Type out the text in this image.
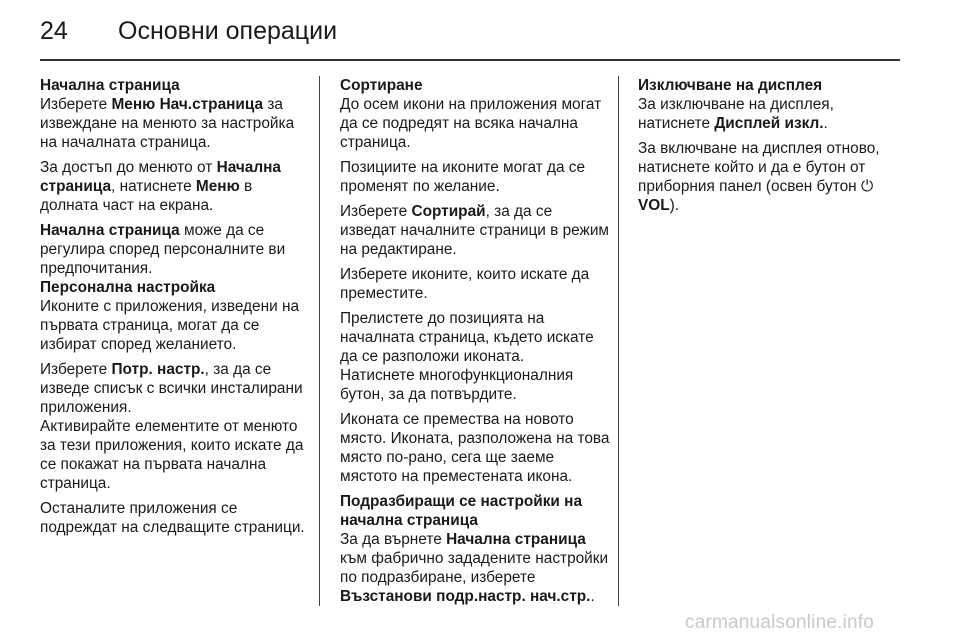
24 Основни операции
Начална страница

Изберете Меню Нач.страница за извеждане на менюто за настройка на началната страница.

За достъп до менюто от Начална страница, натиснете Меню в долната част на екрана.

Начална страница може да се регулира според персоналните ви предпочитания.

Персонална настройка

Иконите с приложения, изведени на първата страница, могат да се избират според желанието.

Изберете Потр. настр., за да се изведе списък с всички инсталирани приложения.

Активирайте елементите от менюто за тези приложения, които искате да се покажат на първата начална страница.

Останалите приложения се подреждат на следващите страници.

Сортиране

До осем икони на приложения могат да се подредят на всяка начална страница.

Позициите на иконите могат да се променят по желание.

Изберете Сортирай, за да се изведат началните страници в режим на редактиране.

Изберете иконите, които искате да преместите.

Прелистете до позицията на началната страница, където искате да се разположи иконата.

Натиснете многофункционалния бутон, за да потвърдите.

Иконата се премества на новото място. Иконата, разположена на това място по-рано, сега ще заеме мястото на преместената икона.

Подразбиращи се настройки на начална страница

За да върнете Начална страница към фабрично зададените настройки по подразбиране, изберете Възстанови подр.настр. нач.стр..

Изключване на дисплея

За изключване на дисплея, натиснете Дисплей изкл..

За включване на дисплея отново, натиснете който и да е бутон от приборния панел (освен бутон ⏻ VOL).

carmanualsonline.info
